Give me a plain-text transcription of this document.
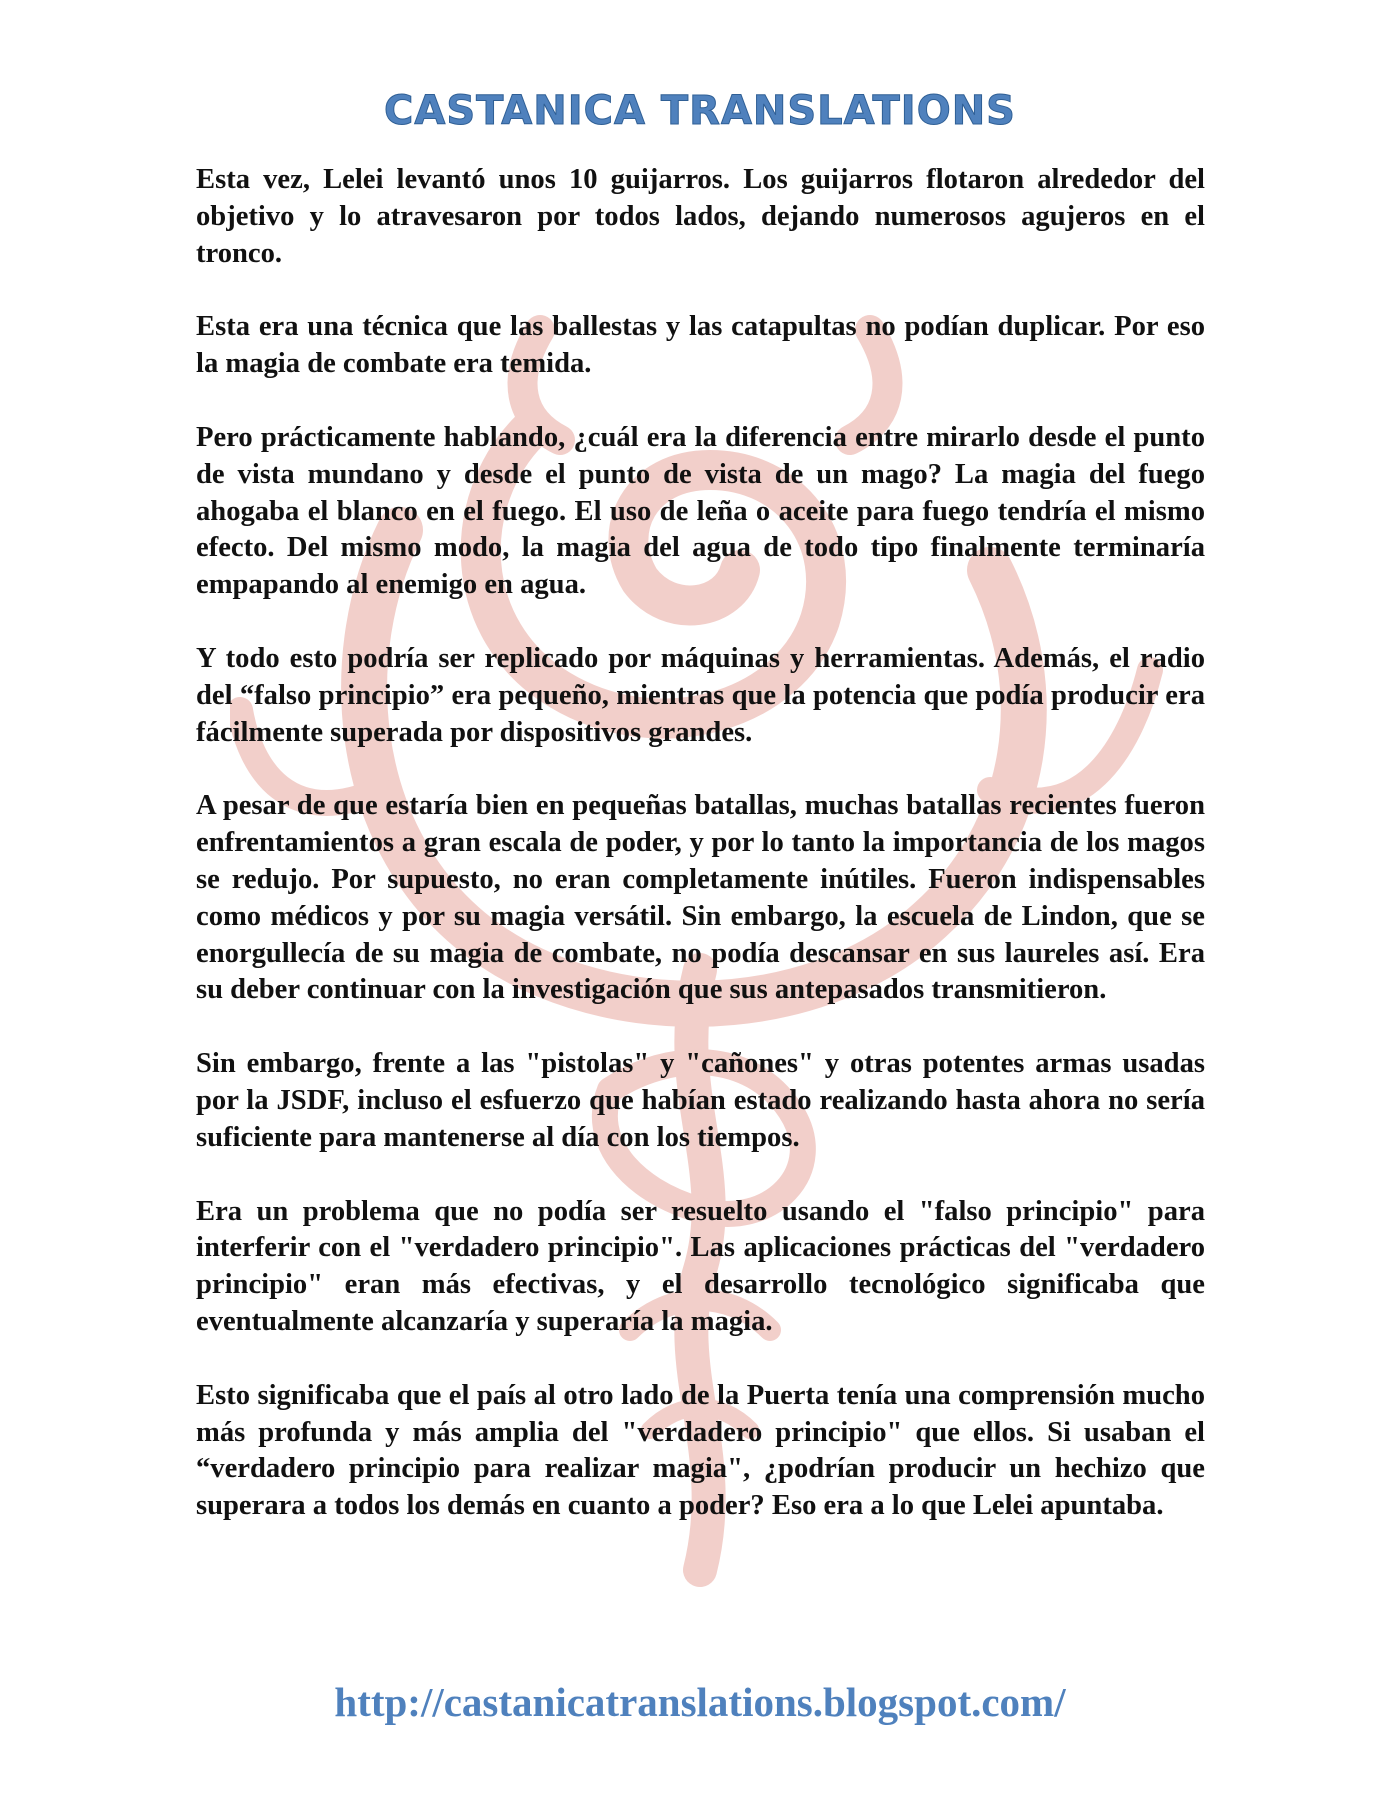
CASTANICA TRANSLATIONS

Esta vez, Lelei levantó unos 10 guijarros. Los guijarros flotaron alrededor del objetivo y lo atravesaron por todos lados, dejando numerosos agujeros en el tronco.

Esta era una técnica que las ballestas y las catapultas no podían duplicar. Por eso la magia de combate era temida.

Pero prácticamente hablando, ¿cuál era la diferencia entre mirarlo desde el punto de vista mundano y desde el punto de vista de un mago? La magia del fuego ahogaba el blanco en el fuego. El uso de leña o aceite para fuego tendría el mismo efecto. Del mismo modo, la magia del agua de todo tipo finalmente terminaría empapando al enemigo en agua.

Y todo esto podría ser replicado por máquinas y herramientas. Además, el radio del “falso principio” era pequeño, mientras que la potencia que podía producir era fácilmente superada por dispositivos grandes.

A pesar de que estaría bien en pequeñas batallas, muchas batallas recientes fueron enfrentamientos a gran escala de poder, y por lo tanto la importancia de los magos se redujo. Por supuesto, no eran completamente inútiles. Fueron indispensables como médicos y por su magia versátil. Sin embargo, la escuela de Lindon, que se enorgullecía de su magia de combate, no podía descansar en sus laureles así. Era su deber continuar con la investigación que sus antepasados transmitieron.

Sin embargo, frente a las "pistolas" y "cañones" y otras potentes armas usadas por la JSDF, incluso el esfuerzo que habían estado realizando hasta ahora no sería suficiente para mantenerse al día con los tiempos.

Era un problema que no podía ser resuelto usando el "falso principio" para interferir con el "verdadero principio". Las aplicaciones prácticas del "verdadero principio" eran más efectivas, y el desarrollo tecnológico significaba que eventualmente alcanzaría y superaría la magia.

Esto significaba que el país al otro lado de la Puerta tenía una comprensión mucho más profunda y más amplia del "verdadero principio" que ellos. Si usaban el “verdadero principio para realizar magia", ¿podrían producir un hechizo que superara a todos los demás en cuanto a poder? Eso era a lo que Lelei apuntaba.

http://castanicatranslations.blogspot.com/
